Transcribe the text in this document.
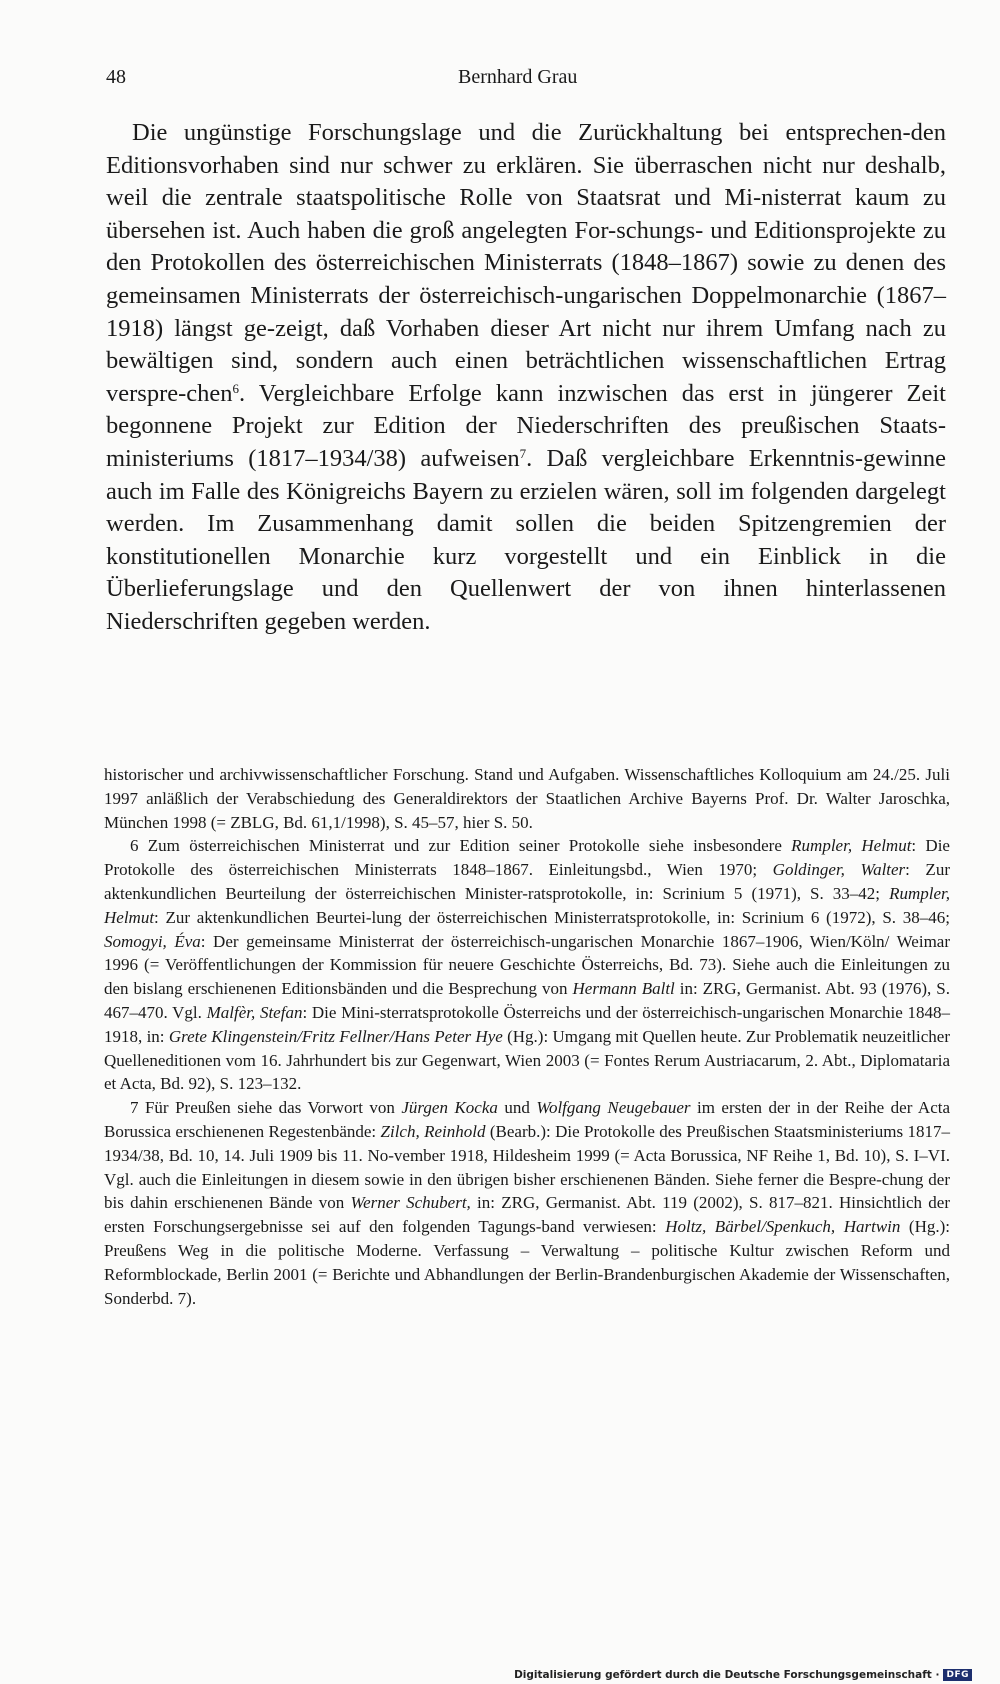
48	Bernhard Grau

Die ungünstige Forschungslage und die Zurückhaltung bei entsprechen-den Editionsvorhaben sind nur schwer zu erklären. Sie überraschen nicht nur deshalb, weil die zentrale staatspolitische Rolle von Staatsrat und Mi-nisterrat kaum zu übersehen ist. Auch haben die groß angelegten For-schungs- und Editionsprojekte zu den Protokollen des österreichischen Ministerrats (1848–1867) sowie zu denen des gemeinsamen Ministerrats der österreichisch-ungarischen Doppelmonarchie (1867–1918) längst ge-zeigt, daß Vorhaben dieser Art nicht nur ihrem Umfang nach zu bewältigen sind, sondern auch einen beträchtlichen wissenschaftlichen Ertrag verspre-chen$^6$. Vergleichbare Erfolge kann inzwischen das erst in jüngerer Zeit begonnene Projekt zur Edition der Niederschriften des preußischen Staats-ministeriums (1817–1934/38) aufweisen$^7$. Daß vergleichbare Erkenntnis-gewinne auch im Falle des Königreichs Bayern zu erzielen wären, soll im folgenden dargelegt werden. Im Zusammenhang damit sollen die beiden Spitzengremien der konstitutionellen Monarchie kurz vorgestellt und ein Einblick in die Überlieferungslage und den Quellenwert der von ihnen hinterlassenen Niederschriften gegeben werden.

historischer und archivwissenschaftlicher Forschung. Stand und Aufgaben. Wissenschaftliches Kolloquium am 24./25. Juli 1997 anläßlich der Verabschiedung des Generaldirektors der Staatlichen Archive Bayerns Prof. Dr. Walter Jaroschka, München 1998 (= ZBLG, Bd. 61,1/1998), S. 45–57, hier S. 50.

6 Zum österreichischen Ministerrat und zur Edition seiner Protokolle siehe insbesondere Rumpler, Helmut: Die Protokolle des österreichischen Ministerrats 1848–1867. Einleitungsbd., Wien 1970; Goldinger, Walter: Zur aktenkundlichen Beurteilung der österreichischen Minister-ratsprotokolle, in: Scrinium 5 (1971), S. 33–42; Rumpler, Helmut: Zur aktenkundlichen Beurtei-lung der österreichischen Ministerratsprotokolle, in: Scrinium 6 (1972), S. 38–46; Somogyi, Éva: Der gemeinsame Ministerrat der österreichisch-ungarischen Monarchie 1867–1906, Wien/Köln/ Weimar 1996 (= Veröffentlichungen der Kommission für neuere Geschichte Österreichs, Bd. 73). Siehe auch die Einleitungen zu den bislang erschienenen Editionsbänden und die Besprechung von Hermann Baltl in: ZRG, Germanist. Abt. 93 (1976), S. 467–470. Vgl. Malfèr, Stefan: Die Mini-sterratsprotokolle Österreichs und der österreichisch-ungarischen Monarchie 1848–1918, in: Grete Klingenstein/Fritz Fellner/Hans Peter Hye (Hg.): Umgang mit Quellen heute. Zur Problematik neuzeitlicher Quelleneditionen vom 16. Jahrhundert bis zur Gegenwart, Wien 2003 (= Fontes Rerum Austriacarum, 2. Abt., Diplomataria et Acta, Bd. 92), S. 123–132.

7 Für Preußen siehe das Vorwort von Jürgen Kocka und Wolfgang Neugebauer im ersten der in der Reihe der Acta Borussica erschienenen Regestenbände: Zilch, Reinhold (Bearb.): Die Protokolle des Preußischen Staatsministeriums 1817–1934/38, Bd. 10, 14. Juli 1909 bis 11. No-vember 1918, Hildesheim 1999 (= Acta Borussica, NF Reihe 1, Bd. 10), S. I–VI. Vgl. auch die Einleitungen in diesem sowie in den übrigen bisher erschienenen Bänden. Siehe ferner die Bespre-chung der bis dahin erschienenen Bände von Werner Schubert, in: ZRG, Germanist. Abt. 119 (2002), S. 817–821. Hinsichtlich der ersten Forschungsergebnisse sei auf den folgenden Tagungs-band verwiesen: Holtz, Bärbel/Spenkuch, Hartwin (Hg.): Preußens Weg in die politische Moderne. Verfassung – Verwaltung – politische Kultur zwischen Reform und Reformblockade, Berlin 2001 (= Berichte und Abhandlungen der Berlin-Brandenburgischen Akademie der Wissenschaften, Sonderbd. 7).

Digitalisierung gefördert durch die Deutsche Forschungsgemeinschaft · DFG
